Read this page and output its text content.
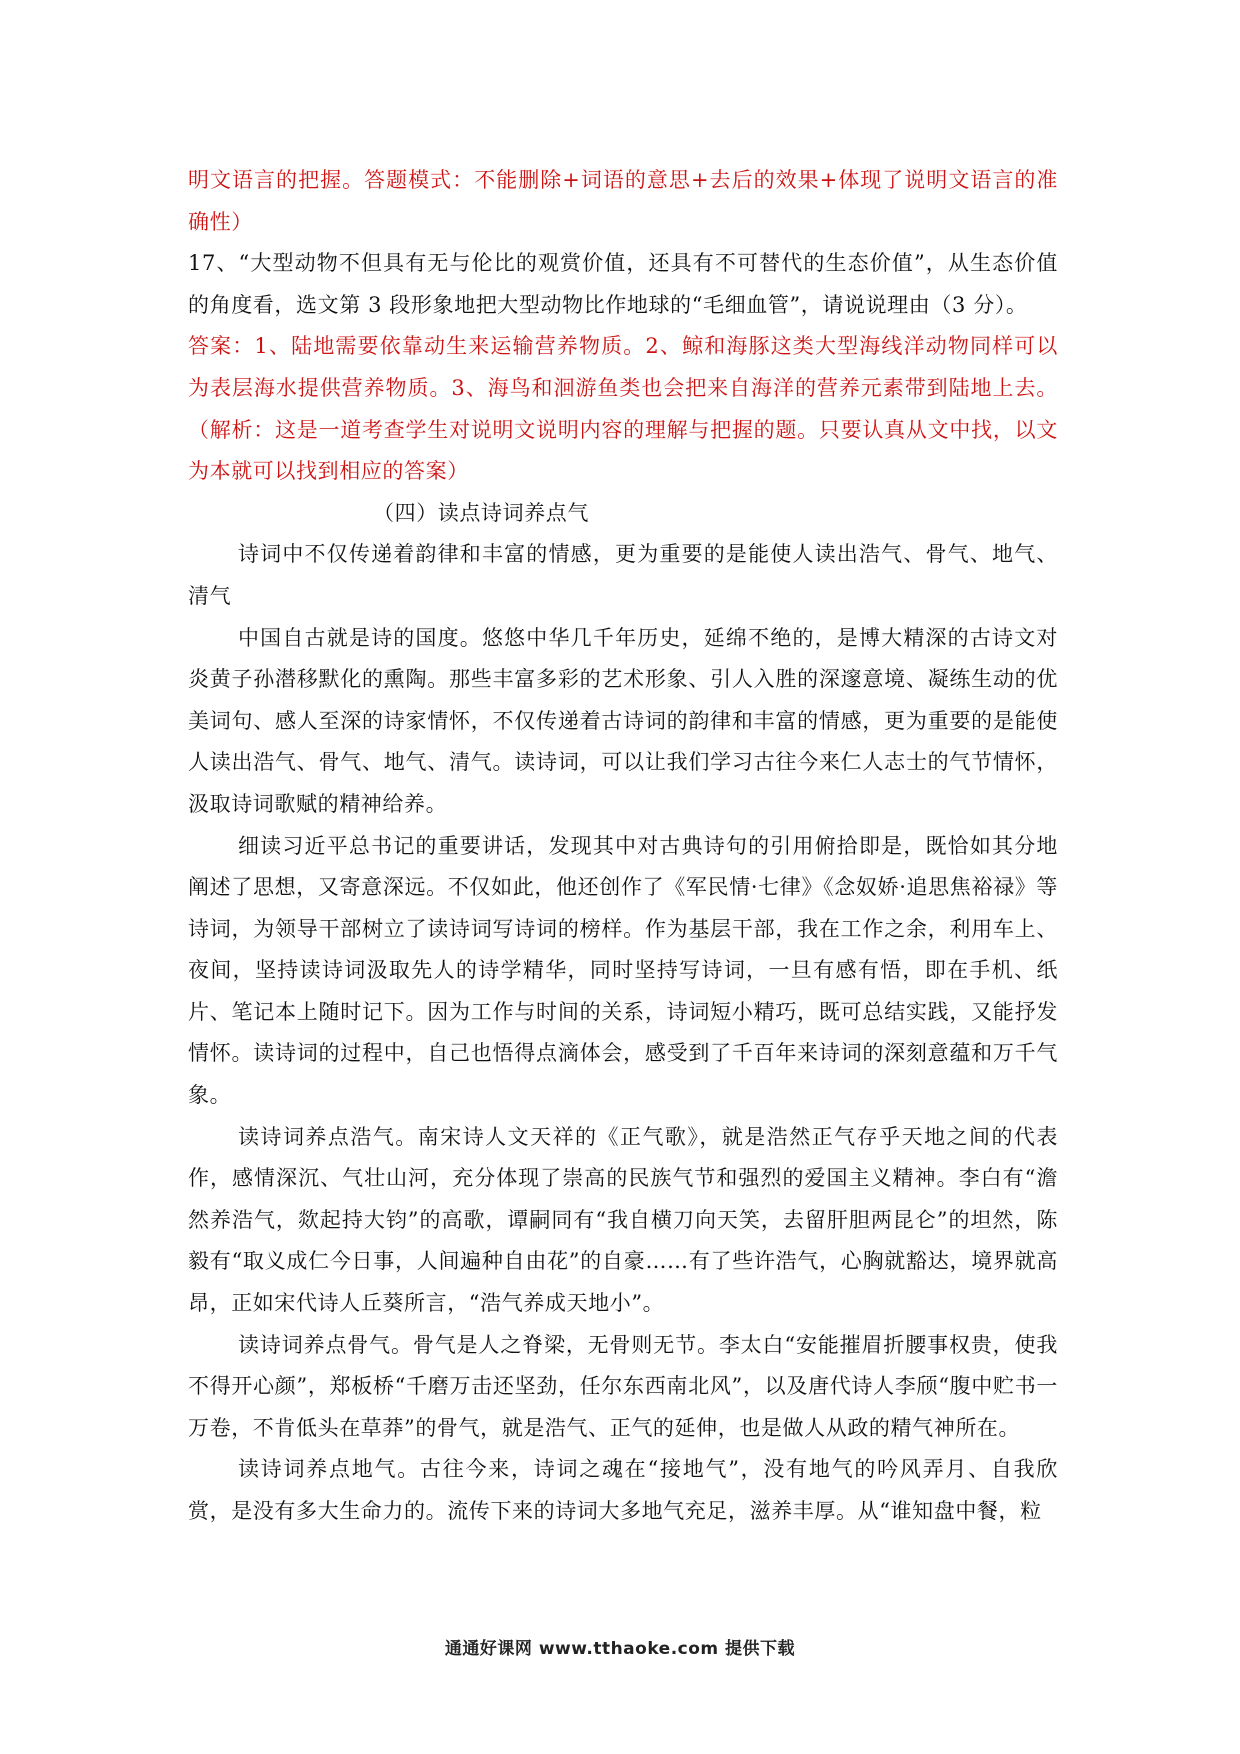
明文语言的把握。答题模式：不能删除+词语的意思+去后的效果+体现了说明文语言的准确性）

17、“大型动物不但具有无与伦比的观赏价值，还具有不可替代的生态价值”，从生态价值的角度看，选文第 3 段形象地把大型动物比作地球的“毛细血管”，请说说理由（3 分）。

答案：1、陆地需要依靠动生来运输营养物质。2、鲸和海豚这类大型海线洋动物同样可以为表层海水提供营养物质。3、海鸟和洄游鱼类也会把来自海洋的营养元素带到陆地上去。（解析：这是一道考查学生对说明文说明内容的理解与把握的题。只要认真从文中找，以文为本就可以找到相应的答案）

（四）读点诗词养点气

诗词中不仅传递着韵律和丰富的情感，更为重要的是能使人读出浩气、骨气、地气、清气

中国自古就是诗的国度。悠悠中华几千年历史，延绵不绝的，是博大精深的古诗文对炎黄子孙潜移默化的熏陶。那些丰富多彩的艺术形象、引人入胜的深邃意境、凝练生动的优美词句、感人至深的诗家情怀，不仅传递着古诗词的韵律和丰富的情感，更为重要的是能使人读出浩气、骨气、地气、清气。读诗词，可以让我们学习古往今来仁人志士的气节情怀，汲取诗词歌赋的精神给养。

细读习近平总书记的重要讲话，发现其中对古典诗句的引用俯拾即是，既恰如其分地阐述了思想，又寄意深远。不仅如此，他还创作了《军民情·七律》《念奴娇·追思焦裕禄》等诗词，为领导干部树立了读诗词写诗词的榜样。作为基层干部，我在工作之余，利用车上、夜间，坚持读诗词汲取先人的诗学精华，同时坚持写诗词，一旦有感有悟，即在手机、纸片、笔记本上随时记下。因为工作与时间的关系，诗词短小精巧，既可总结实践，又能抒发情怀。读诗词的过程中，自己也悟得点滴体会，感受到了千百年来诗词的深刻意蕴和万千气象。

读诗词养点浩气。南宋诗人文天祥的《正气歌》，就是浩然正气存乎天地之间的代表作，感情深沉、气壮山河，充分体现了崇高的民族气节和强烈的爱国主义精神。李白有“澹然养浩气，欻起持大钧”的高歌，谭嗣同有“我自横刀向天笑，去留肝胆两昆仑”的坦然，陈毅有“取义成仁今日事，人间遍种自由花”的自豪……有了些许浩气，心胸就豁达，境界就高昂，正如宋代诗人丘葵所言，“浩气养成天地小”。

读诗词养点骨气。骨气是人之脊梁，无骨则无节。李太白“安能摧眉折腰事权贵，使我不得开心颜”，郑板桥“千磨万击还坚劲，任尔东西南北风”，以及唐代诗人李颀“腹中贮书一万卷，不肯低头在草莽”的骨气，就是浩气、正气的延伸，也是做人从政的精气神所在。

读诗词养点地气。古往今来，诗词之魂在“接地气”，没有地气的吟风弄月、自我欣赏，是没有多大生命力的。流传下来的诗词大多地气充足，滋养丰厚。从“谁知盘中餐，粒

通通好课网 www.tthaoke.com 提供下载
